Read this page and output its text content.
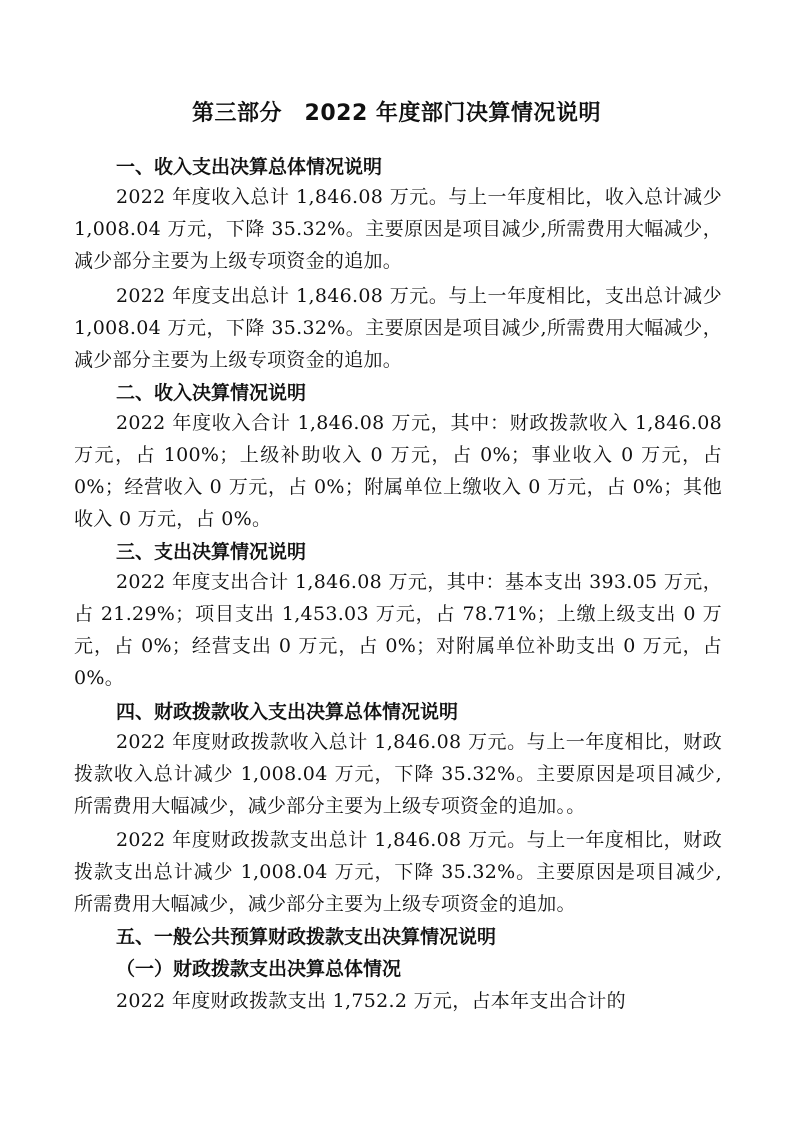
第三部分　2022 年度部门决算情况说明
一、收入支出决算总体情况说明
2022 年度收入总计 1,846.08 万元。与上一年度相比，收入总计减少 1,008.04 万元，下降 35.32%。主要原因是项目减少,所需费用大幅减少，减少部分主要为上级专项资金的追加。
2022 年度支出总计 1,846.08 万元。与上一年度相比，支出总计减少 1,008.04 万元，下降 35.32%。主要原因是项目减少,所需费用大幅减少，减少部分主要为上级专项资金的追加。
二、收入决算情况说明
2022 年度收入合计 1,846.08 万元，其中：财政拨款收入 1,846.08 万元，占 100%；上级补助收入 0 万元，占 0%；事业收入 0 万元，占 0%；经营收入 0 万元，占 0%；附属单位上缴收入 0 万元，占 0%；其他收入 0 万元，占 0%。
三、支出决算情况说明
2022 年度支出合计 1,846.08 万元，其中：基本支出 393.05 万元，占 21.29%；项目支出 1,453.03 万元，占 78.71%；上缴上级支出 0 万元，占 0%；经营支出 0 万元，占 0%；对附属单位补助支出 0 万元，占 0%。
四、财政拨款收入支出决算总体情况说明
2022 年度财政拨款收入总计 1,846.08 万元。与上一年度相比，财政拨款收入总计减少 1,008.04 万元，下降 35.32%。主要原因是项目减少,所需费用大幅减少，减少部分主要为上级专项资金的追加。。
2022 年度财政拨款支出总计 1,846.08 万元。与上一年度相比，财政拨款支出总计减少 1,008.04 万元，下降 35.32%。主要原因是项目减少,所需费用大幅减少，减少部分主要为上级专项资金的追加。
五、一般公共预算财政拨款支出决算情况说明
（一）财政拨款支出决算总体情况
2022 年度财政拨款支出 1,752.2 万元，占本年支出合计的
